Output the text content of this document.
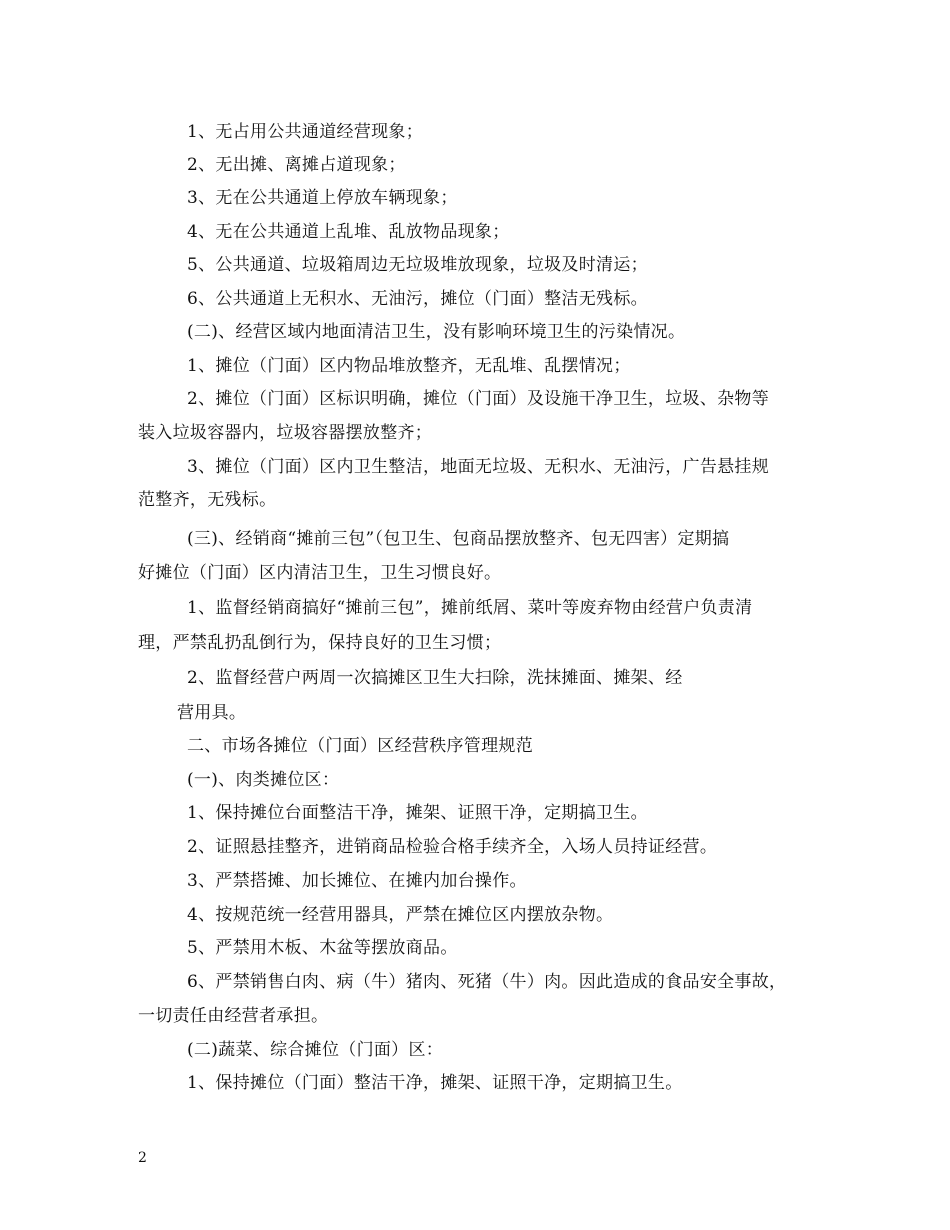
1、无占用公共通道经营现象；
2、无出摊、离摊占道现象；
3、无在公共通道上停放车辆现象；
4、无在公共通道上乱堆、乱放物品现象；
5、公共通道、垃圾箱周边无垃圾堆放现象，垃圾及时清运；
6、公共通道上无积水、无油污，摊位（门面）整洁无残标。
(二)、经营区域内地面清洁卫生，没有影响环境卫生的污染情况。
1、摊位（门面）区内物品堆放整齐，无乱堆、乱摆情况；
2、摊位（门面）区标识明确，摊位（门面）及设施干净卫生，垃圾、杂物等
装入垃圾容器内，垃圾容器摆放整齐；
3、摊位（门面）区内卫生整洁，地面无垃圾、无积水、无油污，广告悬挂规
范整齐，无残标。
(三)、经销商“摊前三包”（包卫生、包商品摆放整齐、包无四害）定期搞
好摊位（门面）区内清洁卫生，卫生习惯良好。
1、监督经销商搞好“摊前三包”，摊前纸屑、菜叶等废弃物由经营户负责清
理，严禁乱扔乱倒行为，保持良好的卫生习惯；
2、监督经营户两周一次搞摊区卫生大扫除，洗抹摊面、摊架、经
营用具。
二、市场各摊位（门面）区经营秩序管理规范
(一)、肉类摊位区：
1、保持摊位台面整洁干净，摊架、证照干净，定期搞卫生。
2、证照悬挂整齐，进销商品检验合格手续齐全，入场人员持证经营。
3、严禁搭摊、加长摊位、在摊内加台操作。
4、按规范统一经营用器具，严禁在摊位区内摆放杂物。
5、严禁用木板、木盆等摆放商品。
6、严禁销售白肉、病（牛）猪肉、死猪（牛）肉。因此造成的食品安全事故，
一切责任由经营者承担。
(二)蔬菜、综合摊位（门面）区：
1、保持摊位（门面）整洁干净，摊架、证照干净，定期搞卫生。
2
